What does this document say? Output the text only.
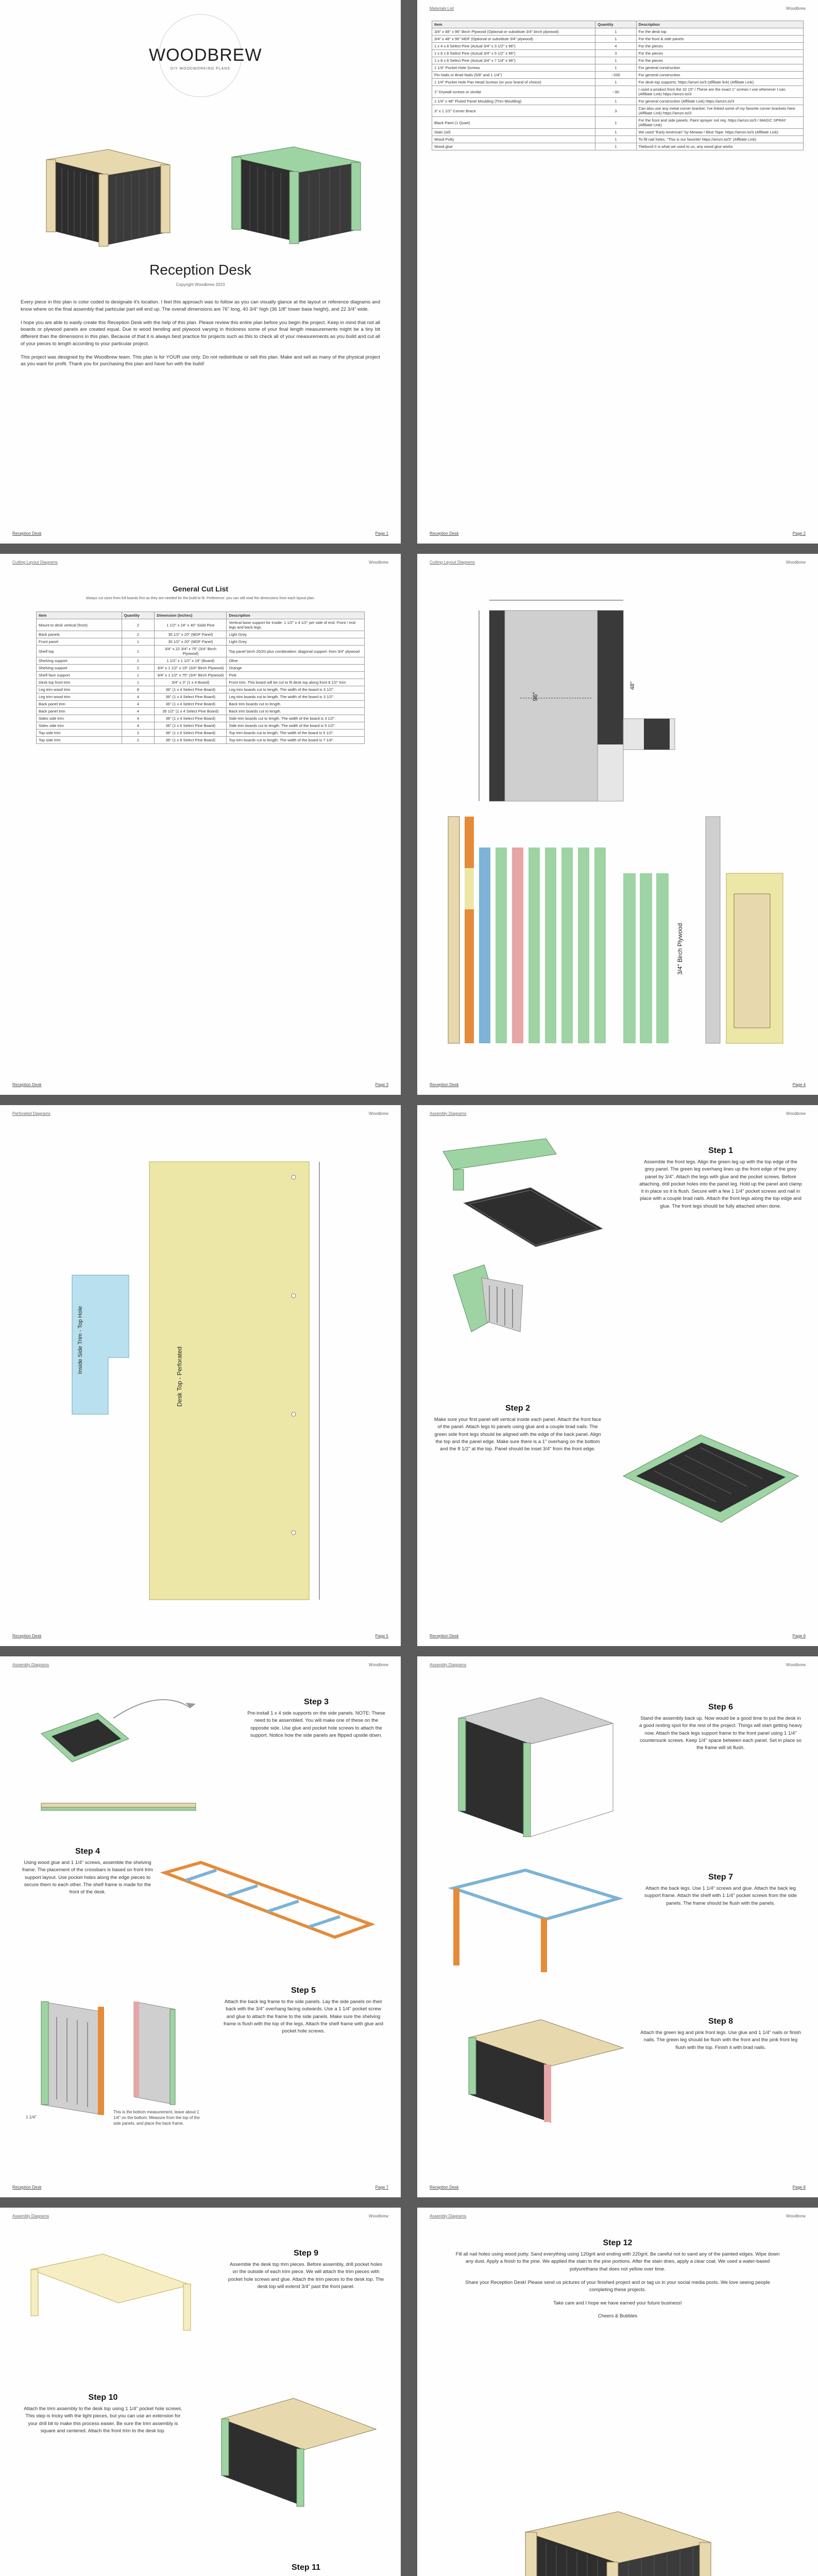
WOODBREW
DIY WOODWORKING PLANS
Reception Desk
Copyright Woodbrew 2023

Every piece in this plan is color coded to designate it's location. I feel this approach was to follow as you can visually glance at the layout or reference diagrams and know where on the final assembly that particular part will end up. The overall dimensions are 76" long, 40 3/4" high (36 1/8" tower base height), and 22 3/4" wide.

I hope you are able to easily create this Reception Desk with the help of this plan. Please review this entire plan before you begin the project. Keep in mind that not all boards or plywood panels are created equal. Due to wood bending and plywood varying in thickness some of your final length measurements might be a tiny bit different than the dimensions in this plan. Because of that it is always best practice for projects such as this to check all of your measurements as you build and cut all of your pieces to length according to your particular project.

This project was designed by the Woodbrew team. This plan is for YOUR use only. Do not redistribute or sell this plan. Make and sell as many of the physical project as you want for profit. Thank you for purchasing this plan and have fun with the build!

Reception Desk	Page 1
Materials List	Woodbrew
Item	Quantity	Description
3/4" x 48" x 96" Birch Plywood (Optional or substitute 3/4" birch plywood)	1	For the desk top
3/4" x 48" x 96" MDF (Optional or substitute 3/4" plywood)	1	For the front & side panels
1 x 4 x 8 Select Pine (Actual 3/4" x 3 1/2" x 96")	4	For the pieces
1 x 6 x 8 Select Pine (Actual 3/4" x 5 1/2" x 96")	3	For the pieces
1 x 8 x 8 Select Pine (Actual 3/4" x 7 1/4" x 96")	1	For the pieces
1 1/4" Pocket Hole Screws	1	For general construction
Pin Nails or Brad Nails (5/8" and 1 1/4")	~200	For general construction
1 1/4" Pocket Hole Pan Head Screws (or your brand of choice)	1	For desk top supports: https://amzn.to/3 (affiliate link) (Affiliate Link)
1" Drywall screws or similar	~30	I used a product from the 32 15" / These are the exact 1" screws I use whenever I can. (Affiliate Link) https://amzn.to/3
1 1/4" x 48" Fluted Panel Moulding (Trim Moulding)	1	For general construction (Affiliate Link) https://amzn.to/3
3" x 1 1/2" Corner Brace	3	Can also use any metal corner bracket. I've linked some of my favorite corner brackets here. (Affiliate Link) https://amzn.to/3
Black Paint (1 Quart)	1	For the front and side panels. Paint sprayer not req. https://amzn.to/3 / MAGIC SPRAY (Affiliate Link)
Stain (oil)	1	We used "Early American" by Minwax / Blue Tape: https://amzn.to/3 (Affiliate Link)
Wood Putty	1	To fill nail holes. "This is our favorite! https://amzn.to/3" (Affiliate Link)
Wood glue	1	Titebond II is what we used to us, any wood glue works
Reception Desk	Page 2
Cutting Layout Diagrams	Woodbrew
General Cut List
Always cut sizes from full boards first as they are needed for the build to fit. Preference: you can still read the dimensions from each layout plan.
Item	Quantity	Dimension (Inches)	Description
Mount to desk vertical (front)	2	1 1/2" x 24" x 40" Solid Pine	Vertical base support for inside: 1 1/2" x 4 1/2" per side of end. Front / end legs and back legs.
Back panels	2	35 1/2" x 20" (MDF Panel)	Light Grey
Front panel	1	35 1/2" x 20" (MDF Panel)	Light Grey
Shelf top	1	3/4" x 22 3/4" x 75" (3/4" Birch Plywood)	Top panel birch 20/20 plus combination: diagonal support: from 3/4" plywood
Shelving support	2	1 1/2" x 1 1/2" x 19" (Board)	Olive
Shelving support	2	3/4" x 1 1/2" x 19" (3/4" Birch Plywood)	Orange
Shelf face support	1	3/4" x 1 1/2" x 75" (3/4" Birch Plywood)	Pink
Desk top front trim	1	3/4" x 3" (1 x 4 Board)	Front trim. This board will be cut to fit desk top along front 8 1/2" trim
Leg trim wood trim	8	36" (1 x 4 Select Pine Board)	Leg trim boards cut to length. The width of the board is 3 1/2".
Leg trim wood trim	4	36" (1 x 4 Select Pine Board)	Leg trim boards cut to length. The width of the board is 3 1/2".
Back panel trim	4	36" (1 x 4 Select Pine Board)	Back trim boards cut to length.
Back panel trim	4	35 1/2" (1 x 4 Select Pine Board)	Back trim boards cut to length.
Sides side trim	4	36" (1 x 4 Select Pine Board)	Side trim boards cut to length. The width of the board is 3 1/2".
Sides side trim	4	36" (1 x 6 Select Pine Board)	Side trim boards cut to length. The width of the board is 5 1/2".
Top side trim	2	36" (1 x 6 Select Pine Board)	Top trim boards cut to length. The width of the board is 5 1/2".
Top side trim	2	36" (1 x 8 Select Pine Board)	Top trim boards cut to length. The width of the board is 7 1/4".
Reception Desk	Page 3
Cutting Layout Diagrams	Woodbrew
96"
48"
3/4" Birch Plywood
Reception Desk	Page 4
Perforated Diagrams	Woodbrew
Inside Side Trim - Top Hole
Desk Top - Perforated
Reception Desk	Page 5
Assembly Diagrams	Woodbrew
Step 1
Assemble the front legs. Align the green leg up with the top edge of the grey panel. The green leg overhang lines up the front edge of the grey panel by 3/4". Attach the legs with glue and the pocket screws. Before attaching, drill pocket holes into the panel leg. Hold up the panel and clamp it in place so it is flush. Secure with a few 1 1/4" pocket screws and nail in place with a couple brad nails. Attach the front legs along the top edge and glue. The front legs should be fully attached when done.
Step 2
Make sure your first panel will vertical inside each panel. Attach the front face of the panel. Attach legs to panels using glue and a couple brad nails. The green side front legs should be aligned with the edge of the back panel. Align the top and the panel edge. Make sure there is a 1" overhang on the bottom and the 8 1/2" at the top. Panel should be inset 3/4" from the front edge.
Reception Desk	Page 6
Assembly Diagrams	Woodbrew
Step 3
Pre-install 1 x 4 side supports on the side panels. NOTE: These need to be assembled. You will make one of these on the opposite side. Use glue and pocket hole screws to attach the support. Notice how the side panels are flipped upside down.
Step 4
Using wood glue and 1 1/4" screws, assemble the shelving frame. The placement of the crossbars is based on front trim support layout. Use pocket holes along the edge pieces to secure them to each other. The shelf frame is made for the front of the desk.
1 1/4"
This is the bottom measurement, leave about 1 1/4" on the bottom. Measure from the top of the side panels, and place the back frame.
Step 5
Attach the back leg frame to the side panels. Lay the side panels on their back with the 3/4" overhang facing outwards. Use a 1 1/4" pocket screw and glue to attach the frame to the side panels. Make sure the shelving frame is flush with the top of the legs. Attach the shelf frame with glue and pocket hole screws.
Reception Desk	Page 7
Assembly Diagrams	Woodbrew
Step 6
Stand the assembly back up. Now would be a good time to put the desk in a good resting spot for the rest of the project. Things will start getting heavy now. Attach the back legs support frame to the front panel using 1 1/4" countersunk screws. Keep 1/4" space between each panel. Set in place so the frame will sit flush.
Step 7
Attach the back legs. Use 1 1/4" screws and glue. Attach the back leg support frame. Attach the shelf with 1 1/4" pocket screws from the side panels. The frame should be flush with the panels.
Step 8
Attach the green leg and pink front legs. Use glue and 1 1/4" nails or finish nails. The green leg should be flush with the front and the pink front leg flush with the top. Finish it with brad nails.
Reception Desk	Page 8
Assembly Diagrams	Woodbrew
Step 9
Assemble the desk top trim pieces. Before assembly, drill pocket holes on the outside of each trim piece. We will attach the trim pieces with pocket hole screws and glue. Attach the trim pieces to the desk top. The desk top will extend 3/4" past the front panel.
Step 10
Attach the trim assembly to the desk top using 1 1/4" pocket hole screws. This step is tricky with the light pieces, but you can use an extension for your drill bit to make this process easier. Be sure the trim assembly is square and centered. Attach the front trim to the desk top.
Step 11
Assembly Diagrams	Woodbrew
Step 12
Fill all nail holes using wood putty. Sand everything using 120grit and ending with 220grit. Be careful not to sand any of the painted edges. Wipe down any dust. Apply a finish to the pine. We applied the stain to the pine portions. After the stain dries, apply a clear coat. We used a water-based polyurethane that does not yellow over time.
Share your Reception Desk! Please send us pictures of your finished project and or tag us in your social media posts. We love seeing people completing these projects.
Take care and I hope we have earned your future business!
Cheers & Bubbles
